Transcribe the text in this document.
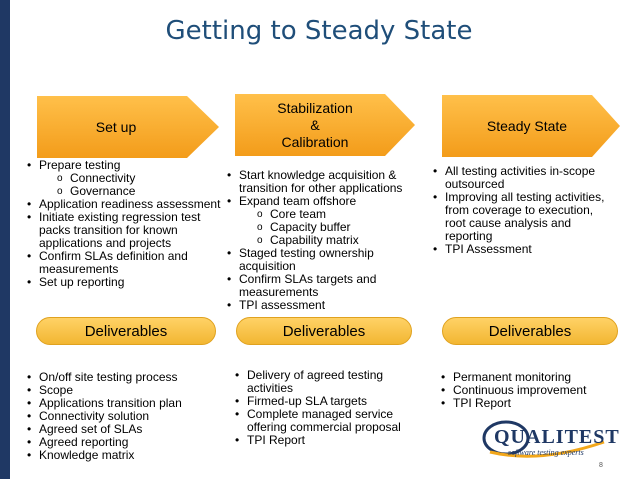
Getting to Steady State
Set up
Stabilization
&
Calibration
Steady State
• Prepare testing
o Connectivity
o Governance
• Application readiness assessment
• Initiate existing regression test packs transition for known applications and projects
• Confirm SLAs definition and measurements
• Set up reporting
• Start knowledge acquisition & transition for other applications
• Expand team offshore
o Core team
o Capacity buffer
o Capability matrix
• Staged testing ownership acquisition
• Confirm SLAs targets and measurements
• TPI assessment
• All testing activities in-scope outsourced
• Improving all testing activities, from coverage to execution, root cause analysis and reporting
• TPI Assessment
Deliverables	Deliverables	Deliverables
• On/off site testing process
• Scope
• Applications transition plan
• Connectivity solution
• Agreed set of SLAs
• Agreed reporting
• Knowledge matrix
• Delivery of agreed testing activities
• Firmed-up SLA targets
• Complete managed service offering commercial proposal
• TPI Report
• Permanent monitoring
• Continuous improvement
• TPI Report
QUALITEST
software testing experts
8
